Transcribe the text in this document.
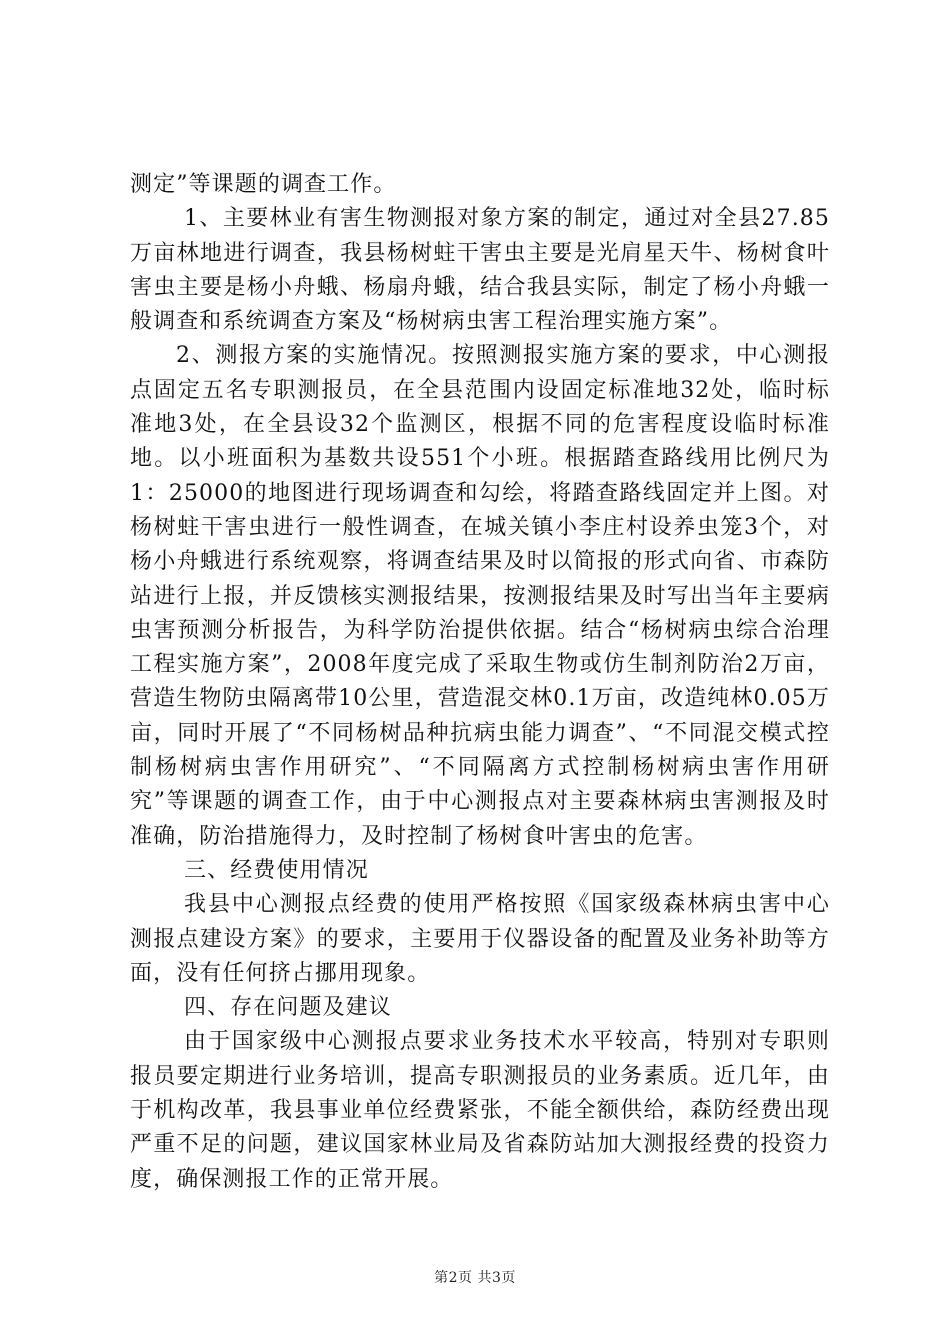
测定”等课题的调查工作。

1、主要林业有害生物测报对象方案的制定，通过对全县27.85万亩林地进行调查，我县杨树蛀干害虫主要是光肩星天牛、杨树食叶害虫主要是杨小舟蛾、杨扇舟蛾，结合我县实际，制定了杨小舟蛾一般调查和系统调查方案及“杨树病虫害工程治理实施方案”。

2、测报方案的实施情况。按照测报实施方案的要求，中心测报点固定五名专职测报员，在全县范围内设固定标准地32处，临时标准地3处，在全县设32个监测区，根据不同的危害程度设临时标准地。以小班面积为基数共设551个小班。根据踏查路线用比例尺为1：25000的地图进行现场调查和勾绘，将踏查路线固定并上图。对杨树蛀干害虫进行一般性调查，在城关镇小李庄村设养虫笼3个，对杨小舟蛾进行系统观察，将调查结果及时以简报的形式向省、市森防站进行上报，并反馈核实测报结果，按测报结果及时写出当年主要病虫害预测分析报告，为科学防治提供依据。结合“杨树病虫综合治理工程实施方案”，2008年度完成了采取生物或仿生制剂防治2万亩，营造生物防虫隔离带10公里，营造混交林0.1万亩，改造纯林0.05万亩，同时开展了“不同杨树品种抗病虫能力调查”、“不同混交模式控制杨树病虫害作用研究”、“不同隔离方式控制杨树病虫害作用研究”等课题的调查工作，由于中心测报点对主要森林病虫害测报及时准确，防治措施得力，及时控制了杨树食叶害虫的危害。

三、经费使用情况

我县中心测报点经费的使用严格按照《国家级森林病虫害中心测报点建设方案》的要求，主要用于仪器设备的配置及业务补助等方面，没有任何挤占挪用现象。

四、存在问题及建议

由于国家级中心测报点要求业务技术水平较高，特别对专职则报员要定期进行业务培训，提高专职测报员的业务素质。近几年，由于机构改革，我县事业单位经费紧张，不能全额供给，森防经费出现严重不足的问题，建议国家林业局及省森防站加大测报经费的投资力度，确保测报工作的正常开展。

第2页 共3页
